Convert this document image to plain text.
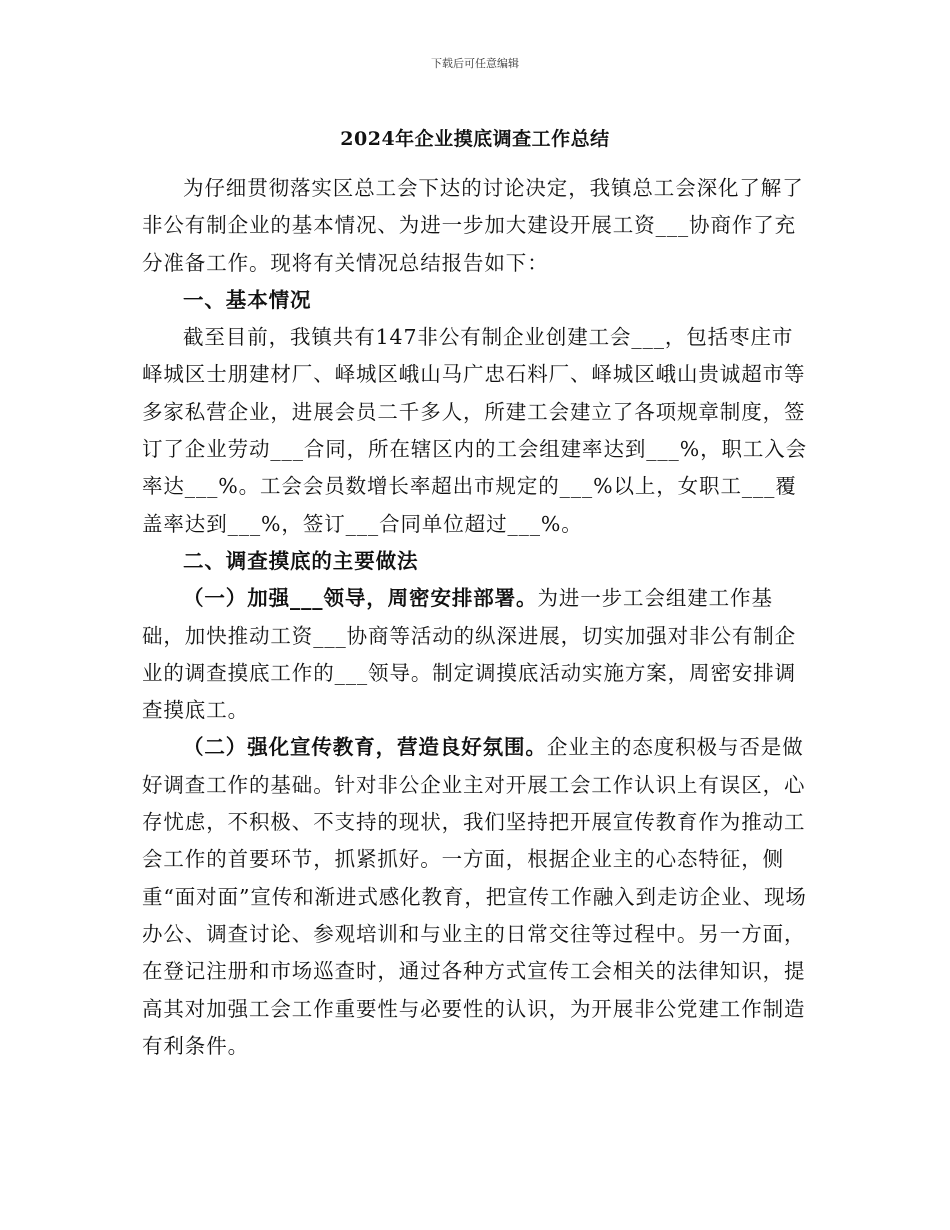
下载后可任意编辑
2024年企业摸底调查工作总结

为仔细贯彻落实区总工会下达的讨论决定，我镇总工会深化了解了非公有制企业的基本情况、为进一步加大建设开展工资___协商作了充分准备工作。现将有关情况总结报告如下：

一、基本情况

截至目前，我镇共有147非公有制企业创建工会___，包括枣庄市峄城区士朋建材厂、峄城区峨山马广忠石料厂、峄城区峨山贵诚超市等多家私营企业，进展会员二千多人，所建工会建立了各项规章制度，签订了企业劳动___合同，所在辖区内的工会组建率达到___%，职工入会率达___%。工会会员数增长率超出市规定的___%以上，女职工___覆盖率达到___%，签订___合同单位超过___%。

二、调查摸底的主要做法

（一）加强___领导，周密安排部署。为进一步工会组建工作基础，加快推动工资___协商等活动的纵深进展，切实加强对非公有制企业的调查摸底工作的___领导。制定调摸底活动实施方案，周密安排调查摸底工。

（二）强化宣传教育，营造良好氛围。企业主的态度积极与否是做好调查工作的基础。针对非公企业主对开展工会工作认识上有误区，心存忧虑，不积极、不支持的现状，我们坚持把开展宣传教育作为推动工会工作的首要环节，抓紧抓好。一方面，根据企业主的心态特征，侧重“面对面”宣传和渐进式感化教育，把宣传工作融入到走访企业、现场办公、调查讨论、参观培训和与业主的日常交往等过程中。另一方面，在登记注册和市场巡查时，通过各种方式宣传工会相关的法律知识，提高其对加强工会工作重要性与必要性的认识，为开展非公党建工作制造有利条件。
